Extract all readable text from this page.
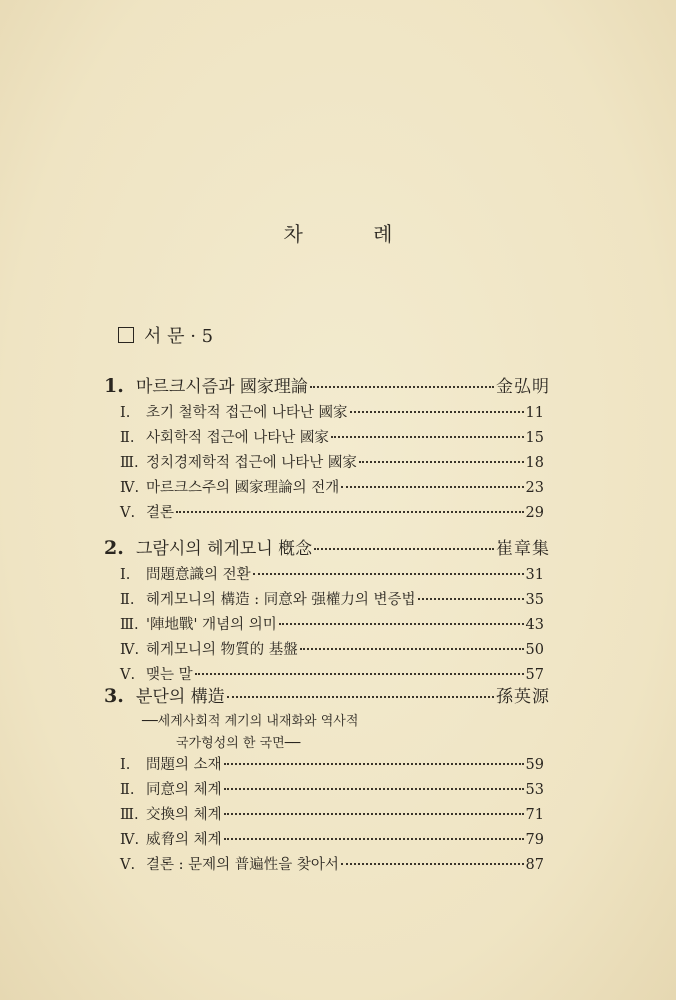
차 례
서 문 · 5
1. 마르크시즘과 國家理論	金弘明
Ⅰ.	초기 철학적 접근에 나타난 國家	11
Ⅱ. 사회학적 접근에 나타난 國家	15
Ⅲ. 정치경제학적 접근에 나타난 國家	18
Ⅳ. 마르크스주의 國家理論의 전개	23
Ⅴ. 결론	29
2. 그람시의 헤게모니 槪念	崔章集
Ⅰ.	問題意識의 전환	31
Ⅱ. 헤게모니의 構造 : 同意와 强權力의 변증법	35
Ⅲ. '陣地戰' 개념의 의미	43
Ⅳ. 헤게모니의 物質的 基盤	50
Ⅴ. 맺는 말	57
3. 분단의 構造	孫英源
──세계사회적 계기의 내재화와 역사적
국가형성의 한 국면──
Ⅰ.	問題의 소재	59
Ⅱ. 同意의 체계	53
Ⅲ. 交換의 체계	71
Ⅳ. 威脅의 체계	79
Ⅴ. 결론 : 문제의 普遍性을 찾아서	87
